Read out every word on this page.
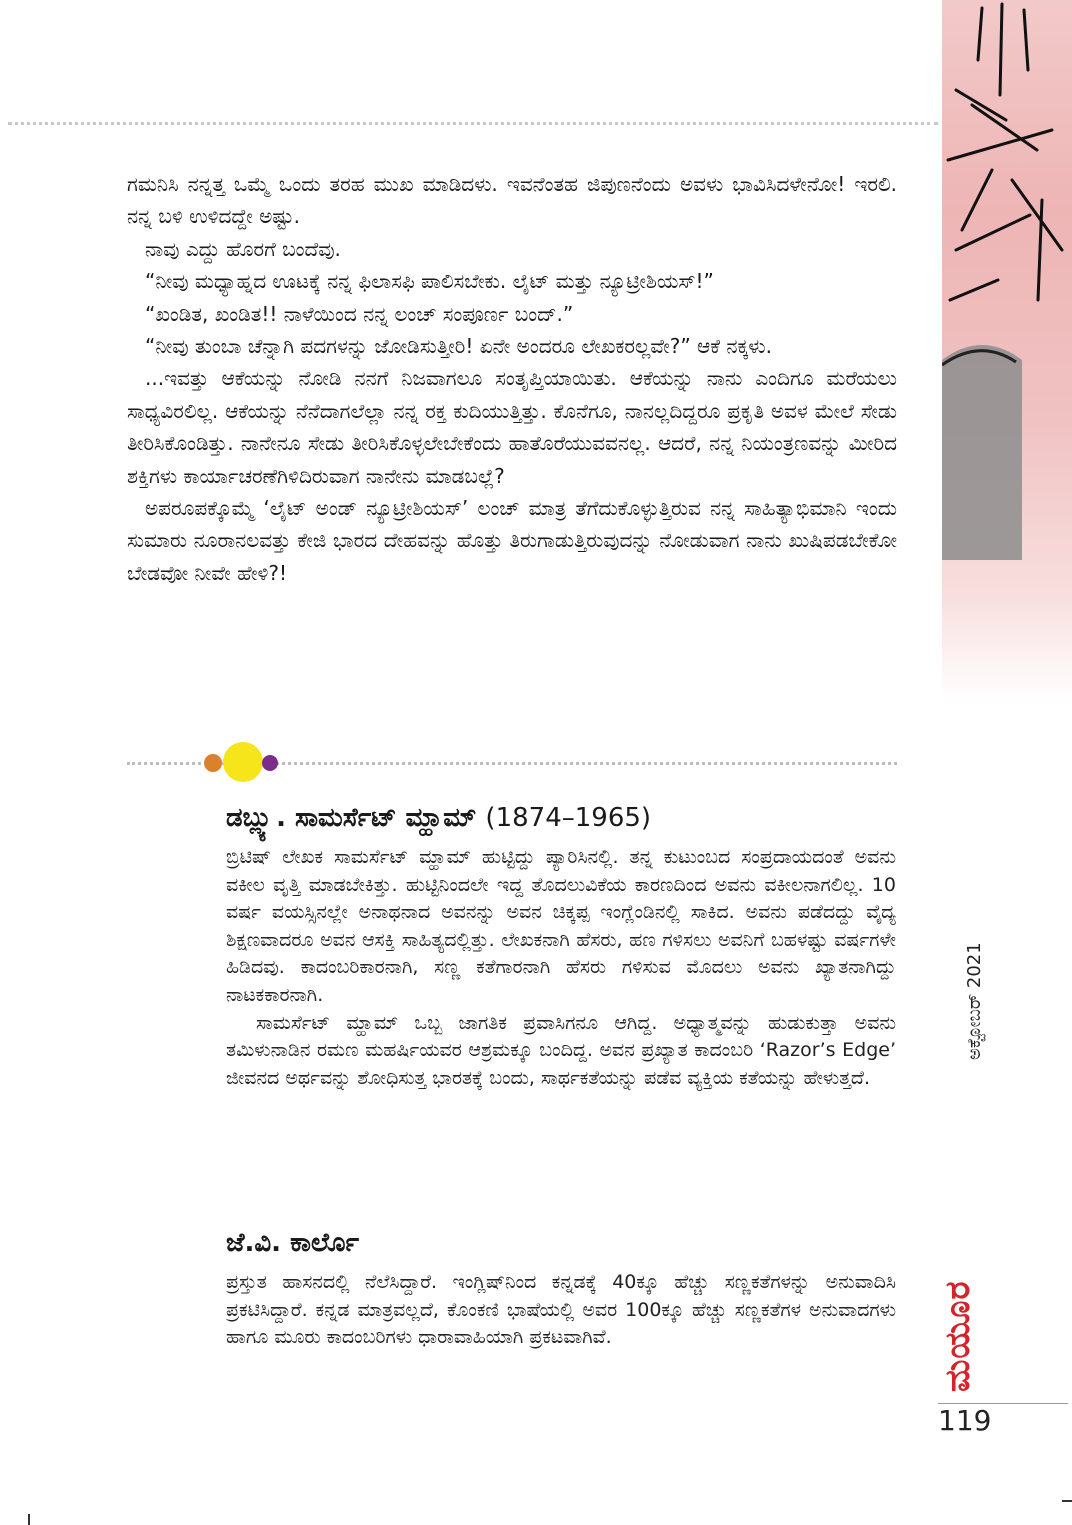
ಗಮನಿಸಿ ನನ್ನತ್ತ ಒಮ್ಮೆ ಒಂದು ತರಹ ಮುಖ ಮಾಡಿದಳು. ಇವನೆಂತಹ ಜಿಪುಣನೆಂದು ಅವಳು ಭಾವಿಸಿದಳೇನೋ! ಇರಲಿ. ನನ್ನ ಬಳಿ ಉಳಿದದ್ದೇ ಅಷ್ಟು.

ನಾವು ಎದ್ದು ಹೊರಗೆ ಬಂದೆವು.

“ನೀವು ಮಧ್ಯಾಹ್ನದ ಊಟಕ್ಕೆ ನನ್ನ ಫಿಲಾಸಫಿ ಪಾಲಿಸಬೇಕು. ಲೈಟ್ ಮತ್ತು ನ್ಯೂಟ್ರೀಶಿಯಸ್!”

“ಖಂಡಿತ, ಖಂಡಿತ!! ನಾಳೆಯಿಂದ ನನ್ನ ಲಂಚ್ ಸಂಪೂರ್ಣ ಬಂದ್.”

“ನೀವು ತುಂಬಾ ಚೆನ್ನಾಗಿ ಪದಗಳನ್ನು ಜೋಡಿಸುತ್ತೀರಿ! ಏನೇ ಅಂದರೂ ಲೇಖಕರಲ್ಲವೇ?” ಆಕೆ ನಕ್ಕಳು.

...ಇವತ್ತು ಆಕೆಯನ್ನು ನೋಡಿ ನನಗೆ ನಿಜವಾಗಲೂ ಸಂತೃಪ್ತಿಯಾಯಿತು. ಆಕೆಯನ್ನು ನಾನು ಎಂದಿಗೂ ಮರೆಯಲು ಸಾಧ್ಯವಿರಲಿಲ್ಲ. ಆಕೆಯನ್ನು ನೆನೆದಾಗಲೆಲ್ಲಾ ನನ್ನ ರಕ್ತ ಕುದಿಯುತ್ತಿತ್ತು. ಕೊನೆಗೂ, ನಾನಲ್ಲದಿದ್ದರೂ ಪ್ರಕೃತಿ ಅವಳ ಮೇಲೆ ಸೇಡು ತೀರಿಸಿಕೊಂಡಿತ್ತು. ನಾನೇನೂ ಸೇಡು ತೀರಿಸಿಕೊಳ್ಳಲೇಬೇಕೆಂದು ಹಾತೊರೆಯುವವನಲ್ಲ. ಆದರೆ, ನನ್ನ ನಿಯಂತ್ರಣವನ್ನು ಮೀರಿದ ಶಕ್ತಿಗಳು ಕಾರ್ಯಾಚರಣೆಗಿಳಿದಿರುವಾಗ ನಾನೇನು ಮಾಡಬಲ್ಲೆ?

ಅಪರೂಪಕ್ಕೊಮ್ಮೆ ‘ಲೈಟ್ ಅಂಡ್ ನ್ಯೂಟ್ರೀಶಿಯಸ್’ ಲಂಚ್ ಮಾತ್ರ ತೆಗೆದುಕೊಳ್ಳುತ್ತಿರುವ ನನ್ನ ಸಾಹಿತ್ಯಾಭಿಮಾನಿ ಇಂದು ಸುಮಾರು ನೂರಾನಲವತ್ತು ಕೇಜಿ ಭಾರದ ದೇಹವನ್ನು ಹೊತ್ತು ತಿರುಗಾಡುತ್ತಿರುವುದನ್ನು ನೋಡುವಾಗ ನಾನು ಖುಷಿಪಡಬೇಕೋ ಬೇಡವೋ ನೀವೇ ಹೇಳಿ?!

ಡಬ್ಲ್ಯು. ಸಾಮರ್ಸೆಟ್ ಮ್ಹಾಮ್ (1874–1965)

ಬ್ರಿಟಿಷ್ ಲೇಖಕ ಸಾಮರ್ಸೆಟ್ ಮ್ಹಾಮ್ ಹುಟ್ಟಿದ್ದು ಪ್ಯಾರಿಸಿನಲ್ಲಿ. ತನ್ನ ಕುಟುಂಬದ ಸಂಪ್ರದಾಯದಂತೆ ಅವನು ವಕೀಲ ವೃತ್ತಿ ಮಾಡಬೇಕಿತ್ತು. ಹುಟ್ಟಿನಿಂದಲೇ ಇದ್ದ ತೊದಲುವಿಕೆಯ ಕಾರಣದಿಂದ ಅವನು ವಕೀಲನಾಗಲಿಲ್ಲ. 10 ವರ್ಷ ವಯಸ್ಸಿನಲ್ಲೇ ಅನಾಥನಾದ ಅವನನ್ನು ಅವನ ಚಿಕ್ಕಪ್ಪ ಇಂಗ್ಲೆಂಡಿನಲ್ಲಿ ಸಾಕಿದ. ಅವನು ಪಡೆದದ್ದು ವೈದ್ಯ ಶಿಕ್ಷಣವಾದರೂ ಅವನ ಆಸಕ್ತಿ ಸಾಹಿತ್ಯದಲ್ಲಿತ್ತು. ಲೇಖಕನಾಗಿ ಹೆಸರು, ಹಣ ಗಳಿಸಲು ಅವನಿಗೆ ಬಹಳಷ್ಟು ವರ್ಷಗಳೇ ಹಿಡಿದವು. ಕಾದಂಬರಿಕಾರನಾಗಿ, ಸಣ್ಣ ಕತೆಗಾರನಾಗಿ ಹೆಸರು ಗಳಿಸುವ ಮೊದಲು ಅವನು ಖ್ಯಾತನಾಗಿದ್ದು ನಾಟಕಕಾರನಾಗಿ.

ಸಾಮರ್ಸೆಟ್ ಮ್ಹಾಮ್ ಒಬ್ಬ ಜಾಗತಿಕ ಪ್ರವಾಸಿಗನೂ ಆಗಿದ್ದ. ಅಧ್ಯಾತ್ಮವನ್ನು ಹುಡುಕುತ್ತಾ ಅವನು ತಮಿಳುನಾಡಿನ ರಮಣ ಮಹರ್ಷಿಯವರ ಆಶ್ರಮಕ್ಕೂ ಬಂದಿದ್ದ. ಅವನ ಪ್ರಖ್ಯಾತ ಕಾದಂಬರಿ ‘Razor’s Edge’ ಜೀವನದ ಅರ್ಥವನ್ನು ಶೋಧಿಸುತ್ತ ಭಾರತಕ್ಕೆ ಬಂದು, ಸಾರ್ಥಕತೆಯನ್ನು ಪಡೆವ ವ್ಯಕ್ತಿಯ ಕತೆಯನ್ನು ಹೇಳುತ್ತದೆ.

ಜೆ.ವಿ. ಕಾರ್ಲೊ

ಪ್ರಸ್ತುತ ಹಾಸನದಲ್ಲಿ ನೆಲೆಸಿದ್ದಾರೆ. ಇಂಗ್ಲಿಷ್‌ನಿಂದ ಕನ್ನಡಕ್ಕೆ 40ಕ್ಕೂ ಹೆಚ್ಚು ಸಣ್ಣಕತೆಗಳನ್ನು ಅನುವಾದಿಸಿ ಪ್ರಕಟಿಸಿದ್ದಾರೆ. ಕನ್ನಡ ಮಾತ್ರವಲ್ಲದೆ, ಕೊಂಕಣಿ ಭಾಷೆಯಲ್ಲಿ ಅವರ 100ಕ್ಕೂ ಹೆಚ್ಚು ಸಣ್ಣಕತೆಗಳ ಅನುವಾದಗಳು ಹಾಗೂ ಮೂರು ಕಾದಂಬರಿಗಳು ಧಾರಾವಾಹಿಯಾಗಿ ಪ್ರಕಟವಾಗಿವೆ.

ಅಕ್ಟೋಬರ್ 2021
ಮಯೂರ
119
